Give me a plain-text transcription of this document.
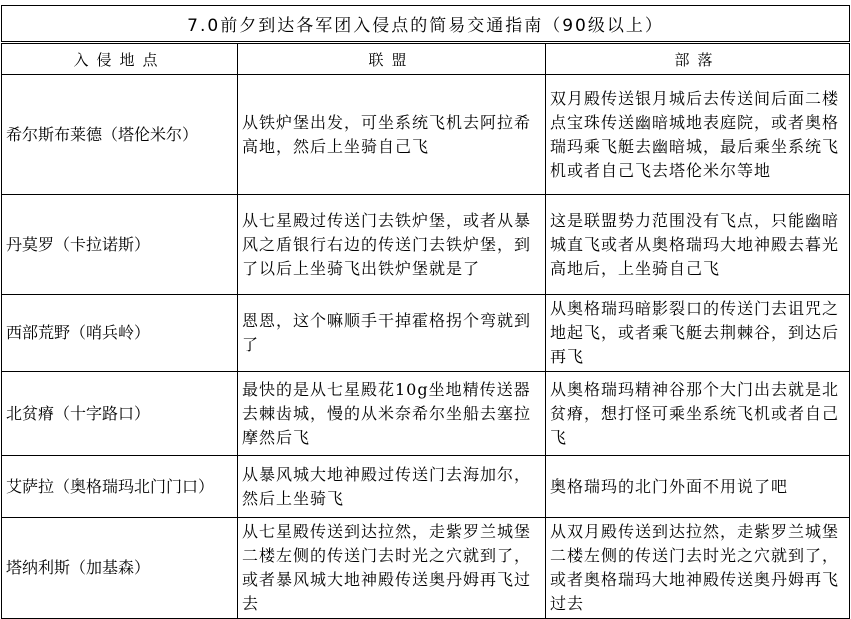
7.0前夕到达各军团入侵点的简易交通指南（90级以上）		
入侵地点	联盟	部落
希尔斯布莱德（塔伦米尔）	从铁炉堡出发，可坐系统飞机去阿拉希高地，然后上坐骑自己飞	双月殿传送银月城后去传送间后面二楼点宝珠传送幽暗城地表庭院，或者奥格瑞玛乘飞艇去幽暗城，最后乘坐系统飞机或者自己飞去塔伦米尔等地
丹莫罗（卡拉诺斯）	从七星殿过传送门去铁炉堡，或者从暴风之盾银行右边的传送门去铁炉堡，到了以后上坐骑飞出铁炉堡就是了	这是联盟势力范围没有飞点，只能幽暗城直飞或者从奥格瑞玛大地神殿去暮光高地后，上坐骑自己飞
西部荒野（哨兵岭）	恩恩，这个嘛顺手干掉霍格拐个弯就到了	从奥格瑞玛暗影裂口的传送门去诅咒之地起飞，或者乘飞艇去荆棘谷，到达后再飞
北贫瘠（十字路口）	最快的是从七星殿花10g坐地精传送器去棘齿城，慢的从米奈希尔坐船去塞拉摩然后飞	从奥格瑞玛精神谷那个大门出去就是北贫瘠，想打怪可乘坐系统飞机或者自己飞
艾萨拉（奥格瑞玛北门门口）	从暴风城大地神殿过传送门去海加尔，然后上坐骑飞	奥格瑞玛的北门外面不用说了吧
塔纳利斯（加基森）	从七星殿传送到达拉然，走紫罗兰城堡二楼左侧的传送门去时光之穴就到了，或者暴风城大地神殿传送奥丹姆再飞过去	从双月殿传送到达拉然，走紫罗兰城堡二楼左侧的传送门去时光之穴就到了，或者奥格瑞玛大地神殿传送奥丹姆再飞过去
